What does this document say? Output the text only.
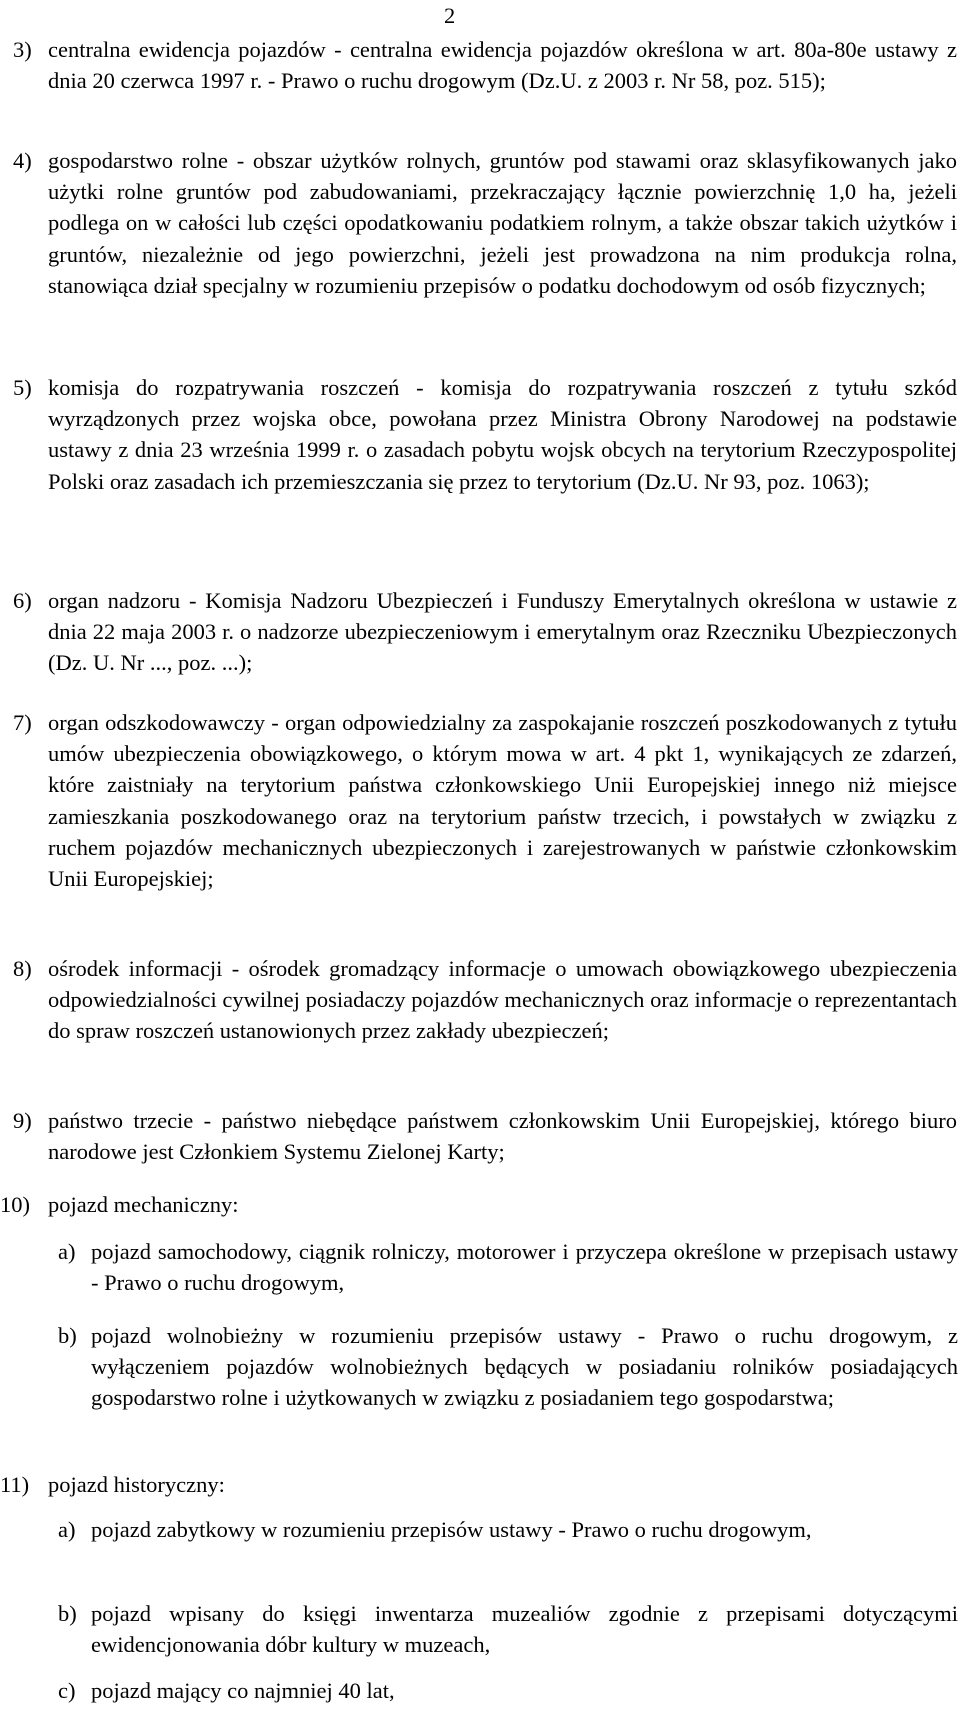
2
3) centralna ewidencja pojazdów - centralna ewidencja pojazdów określona w art. 80a-80e ustawy z dnia 20 czerwca 1997 r. - Prawo o ruchu drogowym (Dz.U. z 2003 r. Nr 58, poz. 515);
4) gospodarstwo rolne - obszar użytków rolnych, gruntów pod stawami oraz sklasyfikowanych jako użytki rolne gruntów pod zabudowaniami, przekraczający łącznie powierzchnię 1,0 ha, jeżeli podlega on w całości lub części opodatkowaniu podatkiem rolnym, a także obszar takich użytków i gruntów, niezależnie od jego powierzchni, jeżeli jest prowadzona na nim produkcja rolna, stanowiąca dział specjalny w rozumieniu przepisów o podatku dochodowym od osób fizycznych;
5) komisja do rozpatrywania roszczeń - komisja do rozpatrywania roszczeń z tytułu szkód wyrządzonych przez wojska obce, powołana przez Ministra Obrony Narodowej na podstawie ustawy z dnia 23 września 1999 r. o zasadach pobytu wojsk obcych na terytorium Rzeczypospolitej Polski oraz zasadach ich przemieszczania się przez to terytorium (Dz.U. Nr 93, poz. 1063);
6) organ nadzoru - Komisja Nadzoru Ubezpieczeń i Funduszy Emerytalnych określona w ustawie z dnia 22 maja 2003 r. o nadzorze ubezpieczeniowym i emerytalnym oraz Rzeczniku Ubezpieczonych (Dz. U. Nr ..., poz. ...);
7) organ odszkodowawczy - organ odpowiedzialny za zaspokajanie roszczeń poszkodowanych z tytułu umów ubezpieczenia obowiązkowego, o którym mowa w art. 4 pkt 1, wynikających ze zdarzeń, które zaistniały na terytorium państwa członkowskiego Unii Europejskiej innego niż miejsce zamieszkania poszkodowanego oraz na terytorium państw trzecich, i powstałych w związku z ruchem pojazdów mechanicznych ubezpieczonych i zarejestrowanych w państwie członkowskim Unii Europejskiej;
8) ośrodek informacji - ośrodek gromadzący informacje o umowach obowiązkowego ubezpieczenia odpowiedzialności cywilnej posiadaczy pojazdów mechanicznych oraz informacje o reprezentantach do spraw roszczeń ustanowionych przez zakłady ubezpieczeń;
9) państwo trzecie - państwo niebędące państwem członkowskim Unii Europejskiej, którego biuro narodowe jest Członkiem Systemu Zielonej Karty;
10) pojazd mechaniczny:
a) pojazd samochodowy, ciągnik rolniczy, motorower i przyczepa określone w przepisach ustawy - Prawo o ruchu drogowym,
b) pojazd wolnobieżny w rozumieniu przepisów ustawy - Prawo o ruchu drogowym, z wyłączeniem pojazdów wolnobieżnych będących w posiadaniu rolników posiadających gospodarstwo rolne i użytkowanych w związku z posiadaniem tego gospodarstwa;
11) pojazd historyczny:
a) pojazd zabytkowy w rozumieniu przepisów ustawy - Prawo o ruchu drogowym,
b) pojazd wpisany do księgi inwentarza muzealiów zgodnie z przepisami dotyczącymi ewidencjonowania dóbr kultury w muzeach,
c) pojazd mający co najmniej 40 lat,
